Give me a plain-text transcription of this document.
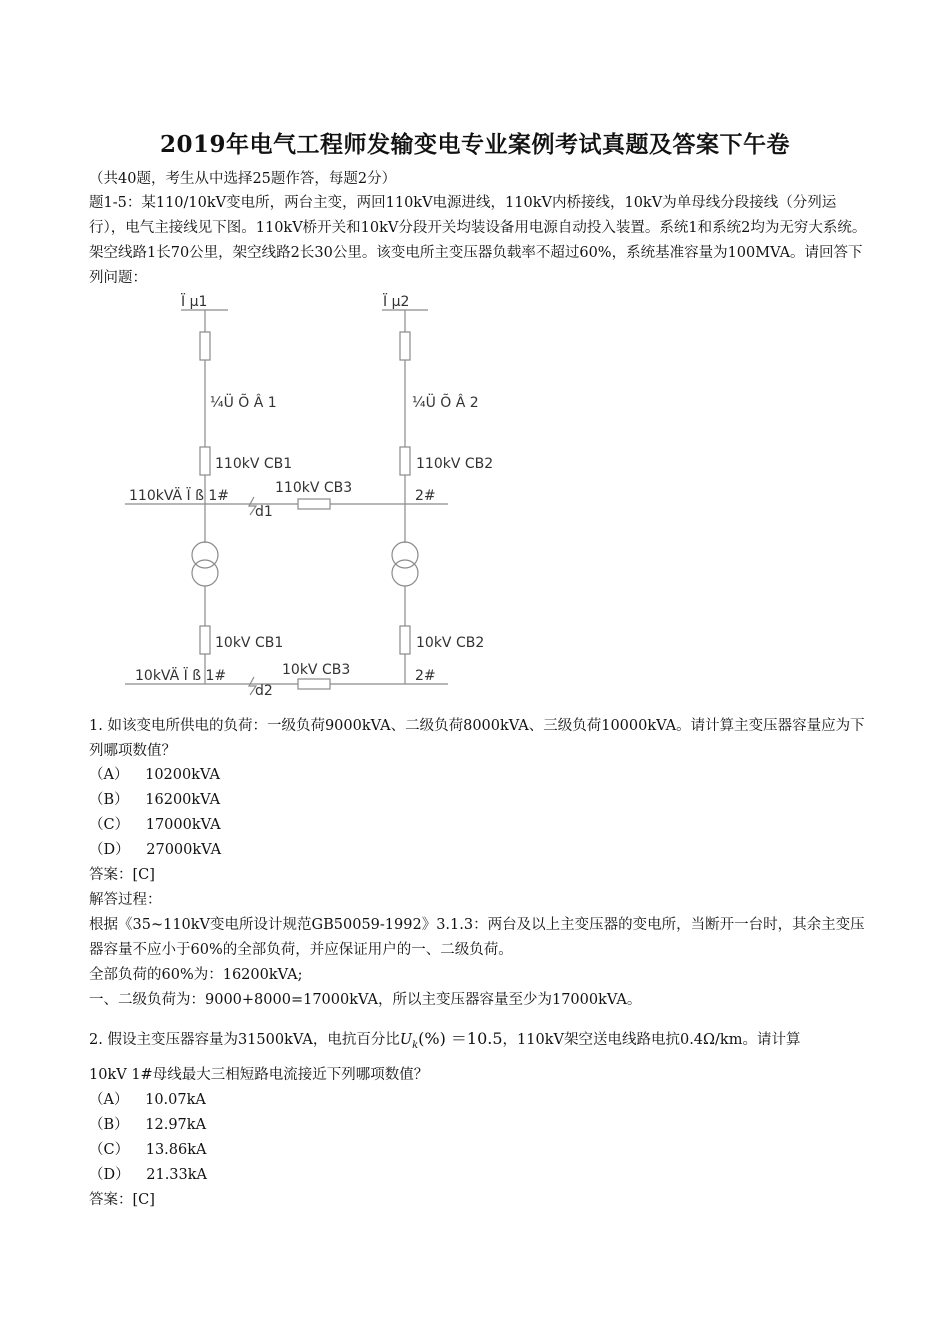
2019年电气工程师发输变电专业案例考试真题及答案下午卷
（共40题，考生从中选择25题作答，每题2分）
题1-5：某110/10kV变电所，两台主变，两回110kV电源进线，110kV内桥接线，10kV为单母线分段接线（分列运行），电气主接线见下图。110kV桥开关和10kV分段开关均装设备用电源自动投入装置。系统1和系统2均为无穷大系统。架空线路1长70公里，架空线路2长30公里。该变电所主变压器负载率不超过60%，系统基准容量为100MVA。请回答下列问题：
Ï µ1	Ï µ2
¼Ü Õ Â 1	¼Ü Õ Â 2
110kV CB1	110kV CB2
110kV CB3
110kVÄ Ï ß 1#	2#
d1
10kV CB1	10kV CB2
10kV CB3
10kVÄ Ï ß 1#	2#
d2
1. 如该变电所供电的负荷：一级负荷9000kVA、二级负荷8000kVA、三级负荷10000kVA。请计算主变压器容量应为下列哪项数值？
（A） 10200kVA
（B） 16200kVA
（C） 17000kVA
（D） 27000kVA
答案：[C]
解答过程：
根据《35~110kV变电所设计规范GB50059-1992》3.1.3：两台及以上主变压器的变电所，当断开一台时，其余主变压器容量不应小于60%的全部负荷，并应保证用户的一、二级负荷。
全部负荷的60%为：16200kVA;
一、二级负荷为：9000+8000=17000kVA，所以主变压器容量至少为17000kVA。
2. 假设主变压器容量为31500kVA，电抗百分比$U_k(\%) =10.5$，110kV架空送电线路电抗0.4Ω/km。请计算
10kV 1#母线最大三相短路电流接近下列哪项数值？
（A） 10.07kA
（B） 12.97kA
（C） 13.86kA
（D） 21.33kA
答案：[C]
